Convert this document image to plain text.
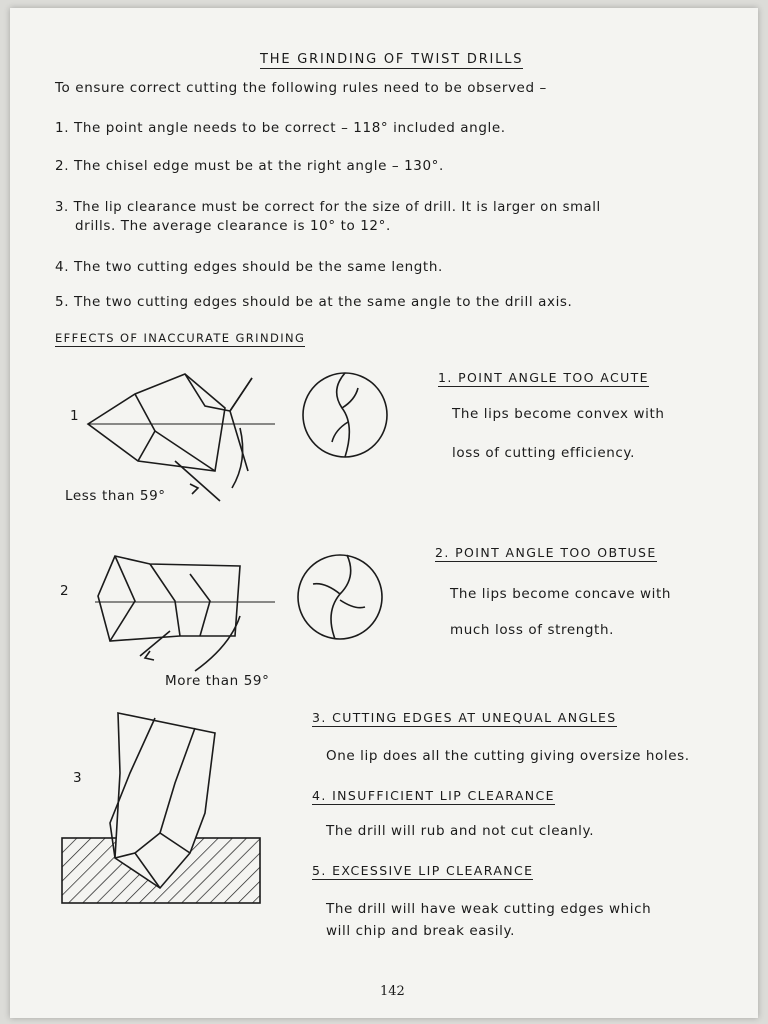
THE GRINDING OF TWIST DRILLS
To ensure correct cutting the following rules need to be observed –
1. The point angle needs to be correct – 118° included angle.
2. The chisel edge must be at the right angle – 130°.
3. The lip clearance must be correct for the size of drill. It is larger on small
drills. The average clearance is 10° to 12°.
4. The two cutting edges should be the same length.
5. The two cutting edges should be at the same angle to the drill axis.
EFFECTS OF INACCURATE GRINDING
1
Less than 59°
1. POINT ANGLE TOO ACUTE
The lips become convex with
loss of cutting efficiency.
2
More than 59°
2. POINT ANGLE TOO OBTUSE
The lips become concave with
much loss of strength.
3
3. CUTTING EDGES AT UNEQUAL ANGLES
One lip does all the cutting giving oversize holes.
4. INSUFFICIENT LIP CLEARANCE
The drill will rub and not cut cleanly.
5. EXCESSIVE LIP CLEARANCE
The drill will have weak cutting edges which
will chip and break easily.
142
